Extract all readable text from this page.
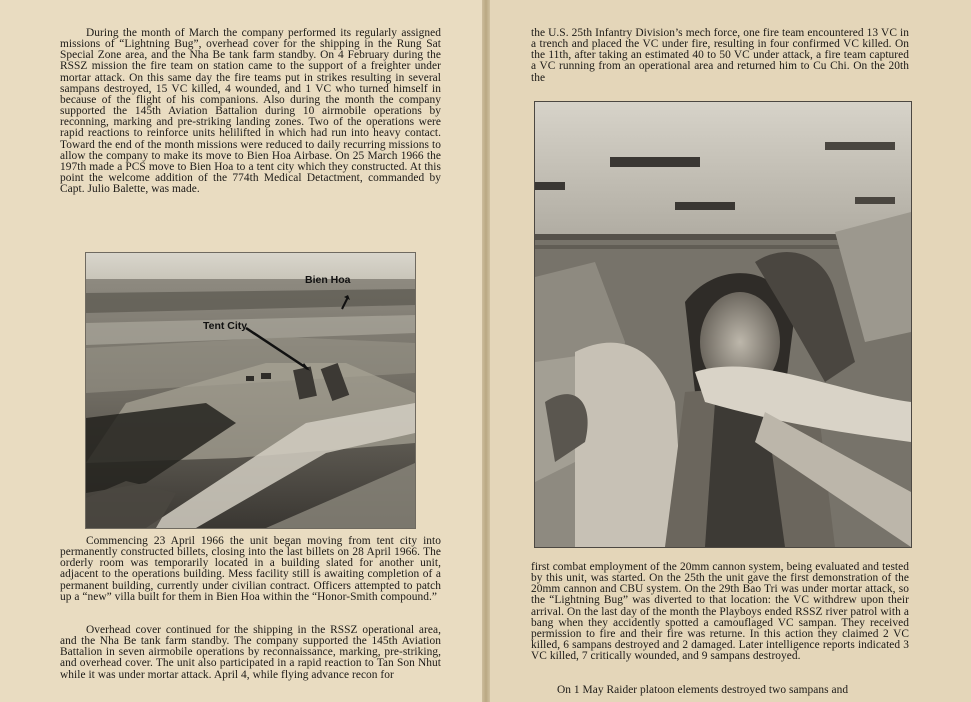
During the month of March the company performed its regularly assigned missions of “Lightning Bug”, overhead cover for the shipping in the Rung Sat Special Zone area, and the Nha Be tank farm standby. On 4 February during the RSSZ mission the fire team on station came to the support of a freighter under mortar attack. On this same day the fire teams put in strikes resulting in several sampans destroyed, 15 VC killed, 4 wounded, and 1 VC who turned himself in because of the flight of his companions. Also during the month the company supported the 145th Aviation Battalion during 10 airmobile operations by reconning, marking and pre-striking landing zones. Two of the operations were rapid reactions to reinforce units helilifted in which had run into heavy contact. Toward the end of the month missions were reduced to daily recurring missions to allow the company to make its move to Bien Hoa Airbase. On 25 March 1966 the 197th made a PCS move to Bien Hoa to a tent city which they constructed. At this point the welcome addition of the 774th Medical Detactment, commanded by Capt. Julio Balette, was made.

Bien Hoa
Tent City

Commencing 23 April 1966 the unit began moving from tent city into permanently constructed billets, closing into the last billets on 28 April 1966. The orderly room was temporarily located in a building slated for another unit, adjacent to the operations building. Mess facility still is awaiting completion of a permanent building, currently under civilian contract. Officers attempted to patch up a “new” villa built for them in Bien Hoa within the “Honor-Smith compound.”

Overhead cover continued for the shipping in the RSSZ operational area, and the Nha Be tank farm standby. The company supported the 145th Aviation Battalion in seven airmobile operations by reconnaissance, marking, pre-striking, and overhead cover. The unit also participated in a rapid reaction to Tan Son Nhut while it was under mortar attack. April 4, while flying advance recon for

the U.S. 25th Infantry Division’s mech force, one fire team encountered 13 VC in a trench and placed the VC under fire, resulting in four confirmed VC killed. On the 11th, after taking an estimated 40 to 50 VC under attack, a fire team captured a VC running from an operational area and returned him to Cu Chi. On the 20th the

first combat employment of the 20mm cannon system, being evaluated and tested by this unit, was started. On the 25th the unit gave the first demonstration of the 20mm cannon and CBU system. On the 29th Bao Tri was under mortar attack, so the “Lightning Bug” was diverted to that location: the VC withdrew upon their arrival. On the last day of the month the Playboys ended RSSZ river patrol with a bang when they accidently spotted a camouflaged VC sampan. They received permission to fire and their fire was returne. In this action they claimed 2 VC killed, 6 sampans destroyed and 2 damaged. Later intelligence reports indicated 3 VC killed, 7 critically wounded, and 9 sampans destroyed.

On 1 May Raider platoon elements destroyed two sampans and
